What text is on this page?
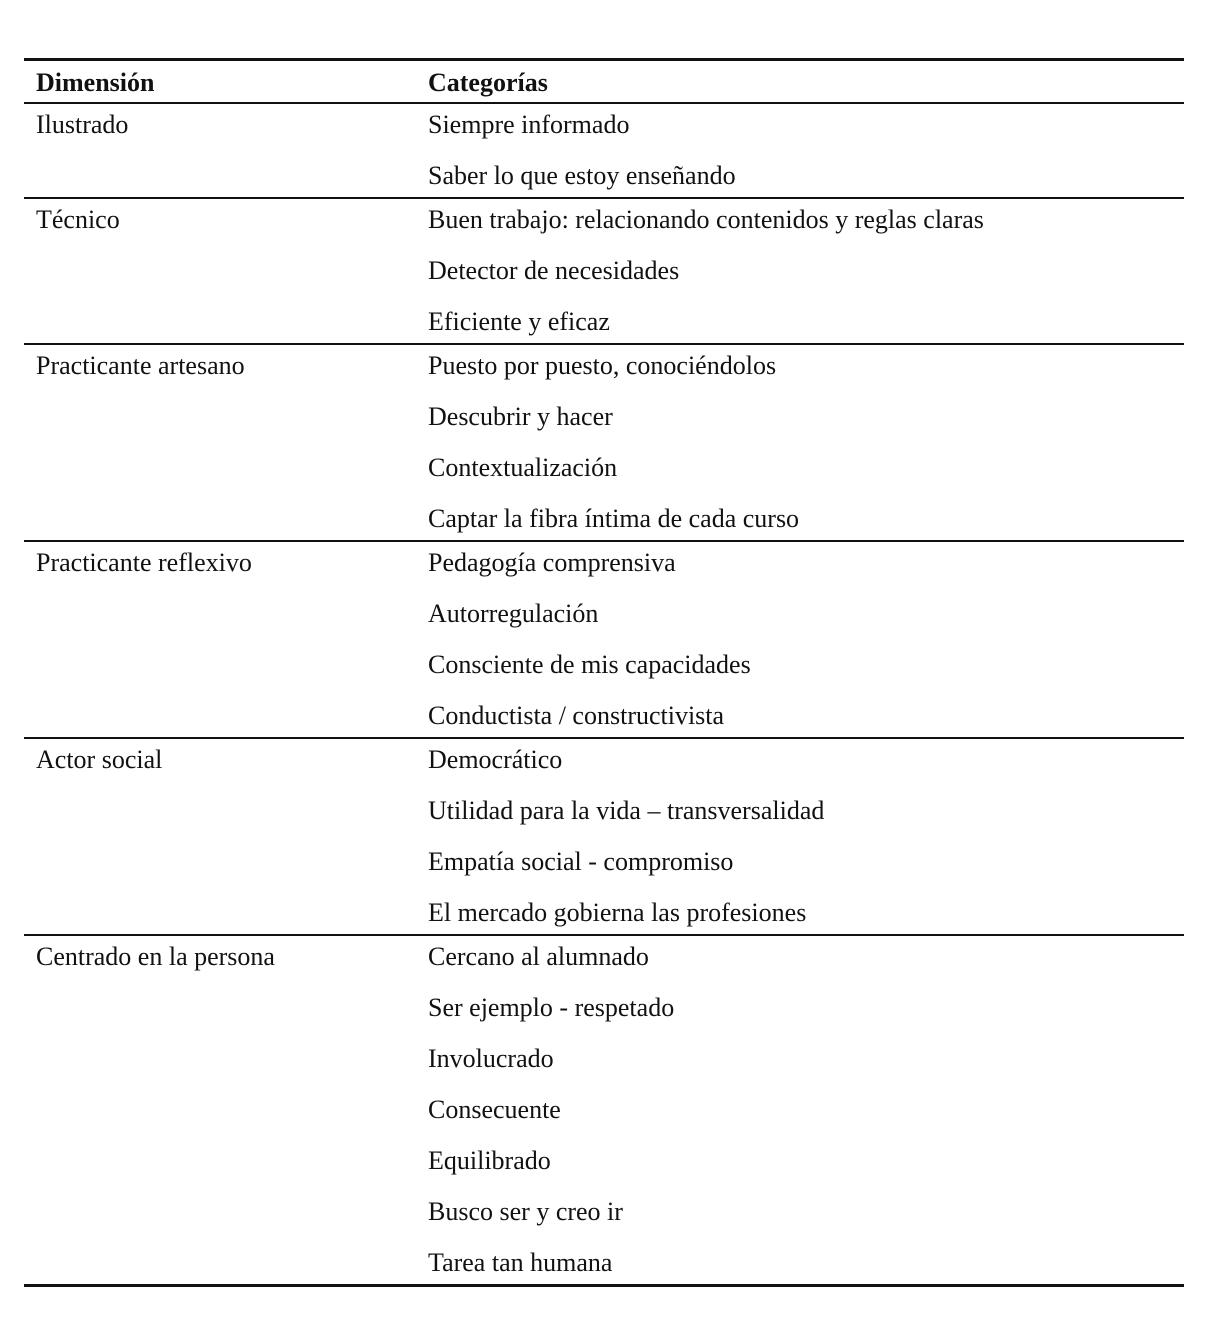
Dimensión	Categorías
Ilustrado	Siempre informado
Saber lo que estoy enseñando
Técnico	Buen trabajo: relacionando contenidos y reglas claras
Detector de necesidades
Eficiente y eficaz
Practicante artesano	Puesto por puesto, conociéndolos
Descubrir y hacer
Contextualización
Captar la fibra íntima de cada curso
Practicante reflexivo	Pedagogía comprensiva
Autorregulación
Consciente de mis capacidades
Conductista / constructivista
Actor social	Democrático
Utilidad para la vida – transversalidad
Empatía social - compromiso
El mercado gobierna las profesiones
Centrado en la persona	Cercano al alumnado
Ser ejemplo - respetado
Involucrado
Consecuente
Equilibrado
Busco ser y creo ir
Tarea tan humana
